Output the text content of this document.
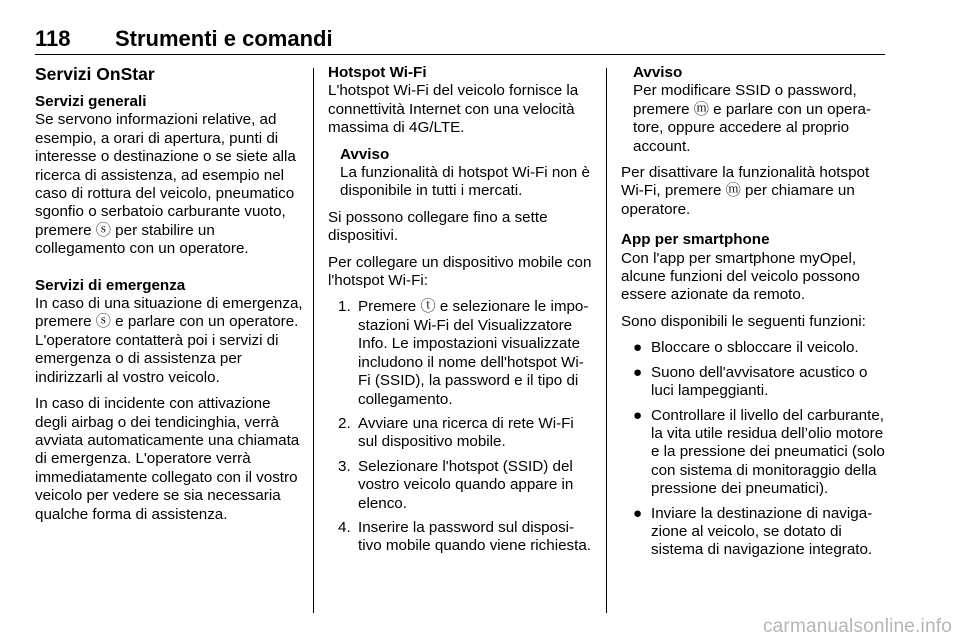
118 Strumenti e comandi
Servizi OnStar
Servizi generali

Se servono informazioni relative, ad esempio, a orari di apertura, punti di interesse o destinazione o se siete alla ricerca di assistenza, ad esempio nel caso di rottura del veicolo, pneumatico sgonfio o serbatoio carburante vuoto, premere ⓢ per stabilire un collegamento con un operatore.

Servizi di emergenza

In caso di una situazione di emergenza, premere ⓢ e parlare con un operatore. L'operatore contatterà poi i servizi di emergenza o di assistenza per indirizzarli al vostro veicolo.

In caso di incidente con attivazione degli airbag o dei tendicinghia, verrà avviata automaticamente una chiamata di emergenza. L'operatore verrà immediatamente collegato con il vostro veicolo per vedere se sia necessaria qualche forma di assistenza.

Hotspot Wi-Fi

L'hotspot Wi-Fi del veicolo fornisce la connettività Internet con una velocità massima di 4G/LTE.

Avviso
La funzionalità di hotspot Wi-Fi non è disponibile in tutti i mercati.

Si possono collegare fino a sette dispositivi.

Per collegare un dispositivo mobile con l'hotspot Wi-Fi:

1. Premere ⓣ e selezionare le impostazioni Wi-Fi del Visualizzatore Info. Le impostazioni visualizzate includono il nome dell'hotspot Wi-Fi (SSID), la password e il tipo di collegamento.
2. Avviare una ricerca di rete Wi-Fi sul dispositivo mobile.
3. Selezionare l'hotspot (SSID) del vostro veicolo quando appare in elenco.
4. Inserire la password sul dispositivo mobile quando viene richiesta.
Avviso
Per modificare SSID o password, premere ⓜ e parlare con un operatore, oppure accedere al proprio account.

Per disattivare la funzionalità hotspot Wi-Fi, premere ⓜ per chiamare un operatore.

App per smartphone

Con l'app per smartphone myOpel, alcune funzioni del veicolo possono essere azionate da remoto.

Sono disponibili le seguenti funzioni:

● Bloccare o sbloccare il veicolo.
● Suono dell'avvisatore acustico o luci lampeggianti.
● Controllare il livello del carburante, la vita utile residua dell’olio motore e la pressione dei pneumatici (solo con sistema di monitoraggio della pressione dei pneumatici).
● Inviare la destinazione di navigazione al veicolo, se dotato di sistema di navigazione integrato.
carmanualsonline.info
